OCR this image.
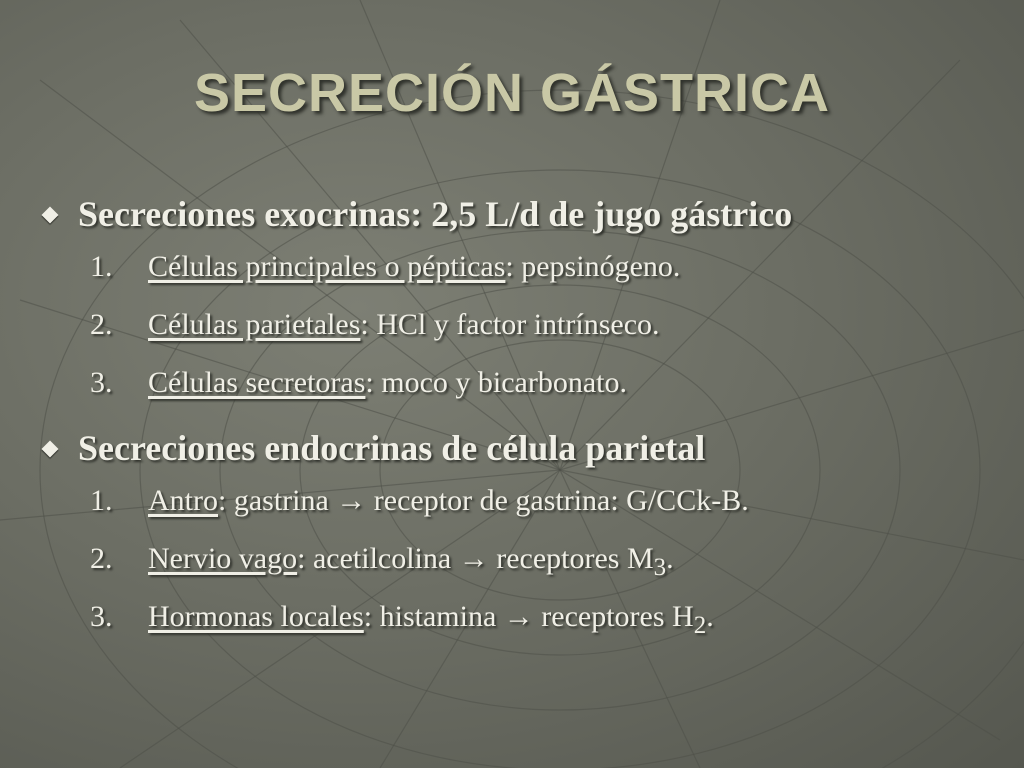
SECRECIÓN GÁSTRICA
Secreciones exocrinas: 2,5 L/d de jugo gástrico
1. Células principales o pépticas: pepsinógeno.
2. Células parietales: HCl y factor intrínseco.
3. Células secretoras: moco y bicarbonato.
Secreciones endocrinas de célula parietal
1. Antro: gastrina → receptor de gastrina: G/CCk-B.
2. Nervio vago: acetilcolina → receptores $M_3$.
3. Hormonas locales: histamina → receptores $H_2$.
